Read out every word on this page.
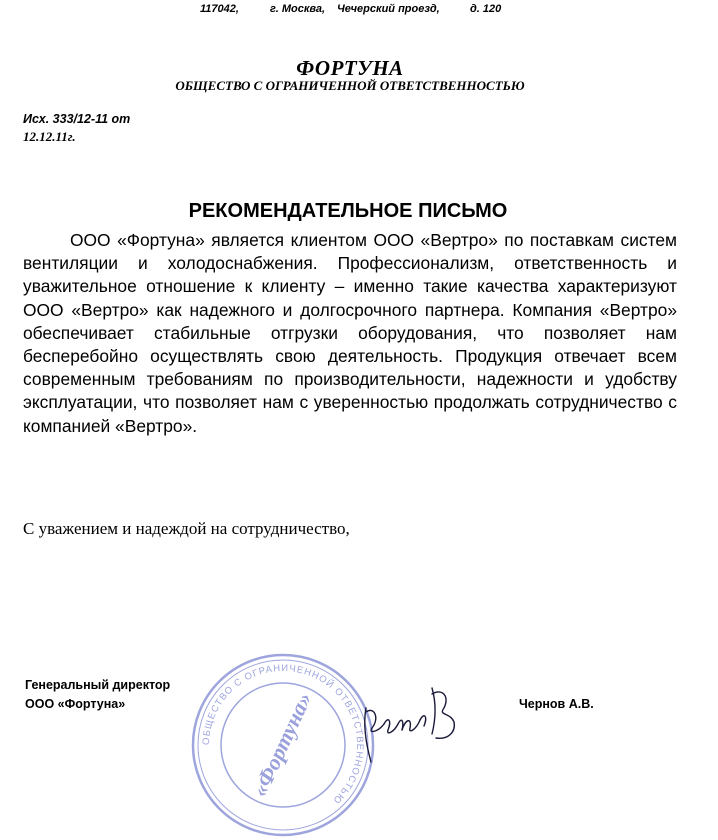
117042,	г. Москва, Чечерский проезд,	д. 120
ФОРТУНА
ОБЩЕСТВО С ОГРАНИЧЕННОЙ ОТВЕТСТВЕННОСТЬЮ
Исх. 333/12-11 от
12.12.11г.
РЕКОМЕНДАТЕЛЬНОЕ ПИСЬМО
ООО «Фортуна» является клиентом ООО «Вертро» по поставкам систем вентиляции и холодоснабжения. Профессионализм, ответственность и уважительное отношение к клиенту – именно такие качества характеризуют ООО «Вертро» как надежного и долгосрочного партнера. Компания «Вертро» обеспечивает стабильные отгрузки оборудования, что позволяет нам бесперебойно осуществлять свою деятельность. Продукция отвечает всем современным требованиям по производительности, надежности и удобству эксплуатации, что позволяет нам с уверенностью продолжать сотрудничество с компанией «Вертро».
С уважением и надеждой на сотрудничество,
ОБЩЕСТВО С ОГРАНИЧЕННОЙ ОТВЕТСТВЕННОСТЬЮ
«Фортуна»
Генеральный директор
ООО «Фортуна»	Чернов А.В.
